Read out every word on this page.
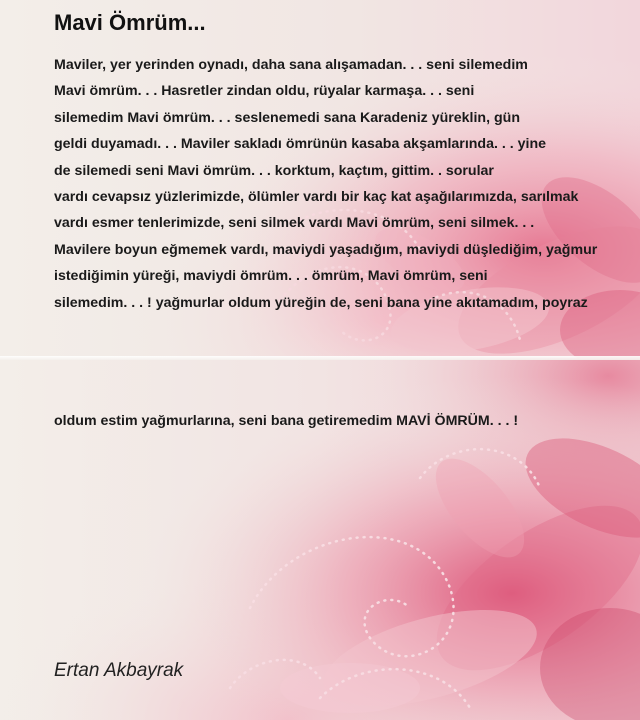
Mavi Ömrüm...
Maviler, yer yerinden oynadı, daha sana alışamadan. . . seni silemedim
Mavi ömrüm. . . Hasretler zindan oldu, rüyalar karmaşa. . . seni
silemedim Mavi ömrüm. . . seslenemedi sana Karadeniz yüreklin, gün
geldi duyamadı. . . Maviler sakladı ömrünün kasaba akşamlarında. . . yine
de silemedi seni Mavi ömrüm. . . korktum, kaçtım, gittim. . sorular
vardı cevapsız yüzlerimizde, ölümler vardı bir kaç kat aşağılarımızda, sarılmak
vardı esmer tenlerimizde, seni silmek vardı Mavi ömrüm, seni silmek. . .
Mavilere boyun eğmemek vardı, maviydi yaşadığım, maviydi düşlediğim, yağmur
istediğimin yüreği, maviydi ömrüm. . . ömrüm, Mavi ömrüm, seni
silemedim. . . ! yağmurlar oldum yüreğin de, seni bana yine akıtamadım, poyraz
oldum estim yağmurlarına, seni bana getiremedim MAVİ ÖMRÜM. . . !
Ertan Akbayrak
